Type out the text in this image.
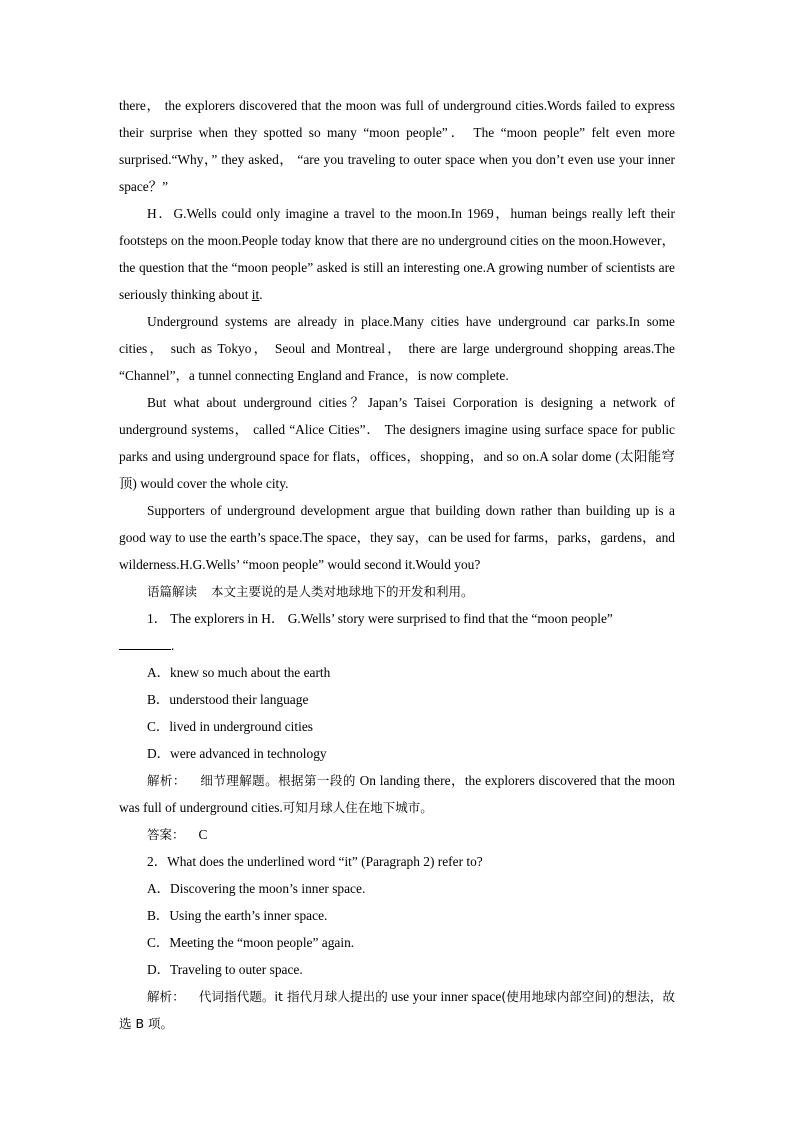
there， the explorers discovered that the moon was full of underground cities.Words failed to express their surprise when they spotted so many “moon people”． The “moon people” felt even more surprised.“Why，” they asked， “are you traveling to outer space when you don’t even use your inner space？”

H．G.Wells could only imagine a travel to the moon.In 1969，human beings really left their footsteps on the moon.People today know that there are no underground cities on the moon.However，the question that the “moon people” asked is still an interesting one.A growing number of scientists are seriously thinking about it.

Underground systems are already in place.Many cities have underground car parks.In some cities， such as Tokyo， Seoul and Montreal， there are large underground shopping areas.The “Channel”，a tunnel connecting England and France，is now complete.

But what about underground cities？Japan’s Taisei Corporation is designing a network of underground systems， called “Alice Cities”． The designers imagine using surface space for public parks and using underground space for flats，offices，shopping，and so on.A solar dome (太阳能穹顶) would cover the whole city.

Supporters of underground development argue that building down rather than building up is a good way to use the earth’s space.The space，they say，can be used for farms，parks，gardens，and wilderness.H.G.Wells’ “moon people” would second it.Would you?

语篇解读 本文主要说的是人类对地球地下的开发和利用。

1． The explorers in H． G.Wells’ story were surprised to find that the “moon people”
.

A．knew so much about the earth

B．understood their language

C．lived in underground cities

D．were advanced in technology

解析： 细节理解题。根据第一段的 On landing there，the explorers discovered that the moon was full of underground cities.可知月球人住在地下城市。

答案： C

2．What does the underlined word “it” (Paragraph 2) refer to?

A．Discovering the moon’s inner space.

B．Using the earth’s inner space.

C．Meeting the “moon people” again.

D．Traveling to outer space.

解析： 代词指代题。it 指代月球人提出的 use your inner space(使用地球内部空间)的想法，故选 B 项。
